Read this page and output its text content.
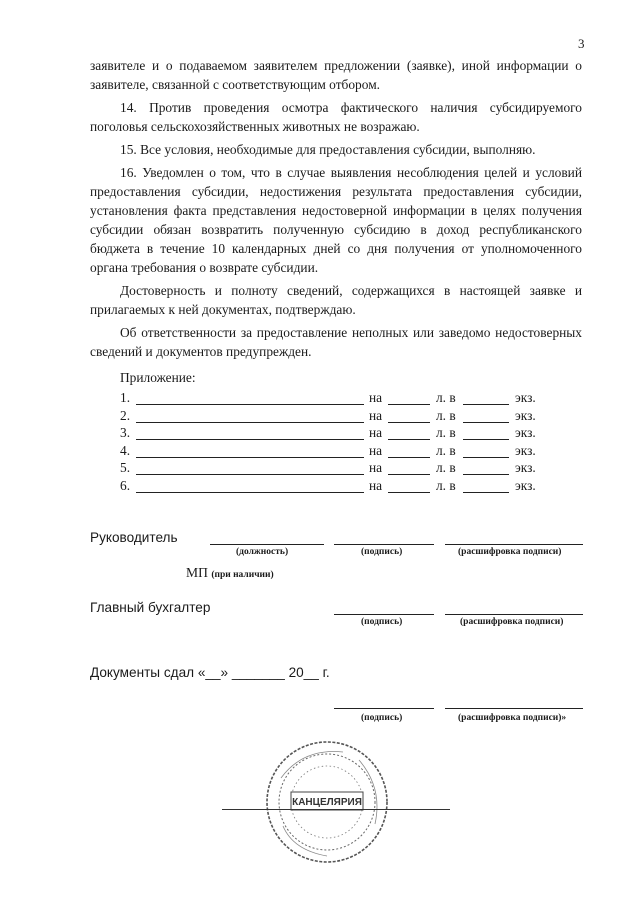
3

заявителе и о подаваемом заявителем предложении (заявке), иной информации о заявителе, связанной с соответствующим отбором.

14. Против проведения осмотра фактического наличия субсидируемого поголовья сельскохозяйственных животных не возражаю.

15. Все условия, необходимые для предоставления субсидии, выполняю.

16. Уведомлен о том, что в случае выявления несоблюдения целей и условий предоставления субсидии, недостижения результата предоставления субсидии, установления факта представления недостоверной информации в целях получения субсидии обязан возвратить полученную субсидию в доход республиканского бюджета в течение 10 календарных дней со дня получения от уполномоченного органа требования о возврате субсидии.

Достоверность и полноту сведений, содержащихся в настоящей заявке и прилагаемых к ней документах, подтверждаю.

Об ответственности за предоставление неполных или заведомо недостоверных сведений и документов предупрежден.

Приложение:
1.	на	л. в	экз.
2.	на	л. в	экз.
3.	на	л. в	экз.
4.	на	л. в	экз.
5.	на	л. в	экз.
6.	на	л. в	экз.
Руководитель
(должность)	(подпись)	(расшифровка подписи)
МП (при наличии)
Главный бухгалтер
(подпись)	(расшифровка подписи)
Документы сдал «__» _______ 20__ г.
(подпись)	(расшифровка подписи)»
КАНЦЕЛЯРИЯ
